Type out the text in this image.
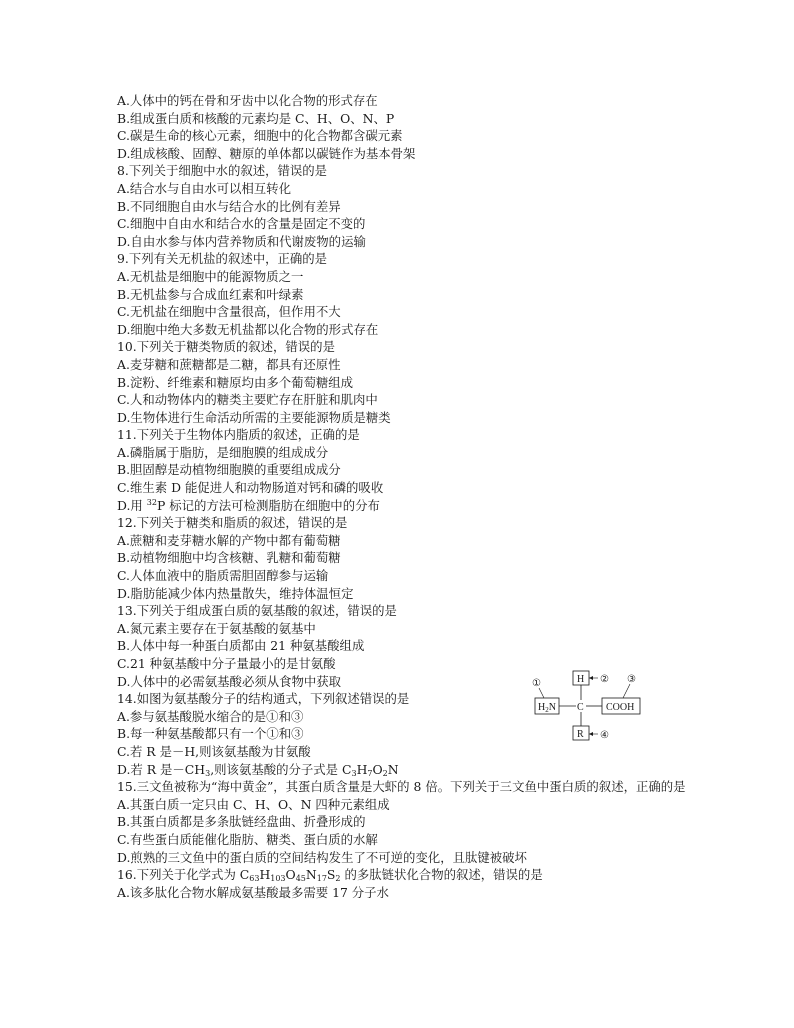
A.人体中的钙在骨和牙齿中以化合物的形式存在
B.组成蛋白质和核酸的元素均是 C、H、O、N、P
C.碳是生命的核心元素，细胞中的化合物都含碳元素
D.组成核酸、固醇、糖原的单体都以碳链作为基本骨架
8.下列关于细胞中水的叙述，错误的是
A.结合水与自由水可以相互转化
B.不同细胞自由水与结合水的比例有差异
C.细胞中自由水和结合水的含量是固定不变的
D.自由水参与体内营养物质和代谢废物的运输
9.下列有关无机盐的叙述中，正确的是
A.无机盐是细胞中的能源物质之一
B.无机盐参与合成血红素和叶绿素
C.无机盐在细胞中含量很高，但作用不大
D.细胞中绝大多数无机盐都以化合物的形式存在
10.下列关于糖类物质的叙述，错误的是
A.麦芽糖和蔗糖都是二糖，都具有还原性
B.淀粉、纤维素和糖原均由多个葡萄糖组成
C.人和动物体内的糖类主要贮存在肝脏和肌肉中
D.生物体进行生命活动所需的主要能源物质是糖类
11.下列关于生物体内脂质的叙述，正确的是
A.磷脂属于脂肪，是细胞膜的组成成分
B.胆固醇是动植物细胞膜的重要组成成分
C.维生素 D 能促进人和动物肠道对钙和磷的吸收
D.用 $^{32}$P 标记的方法可检测脂肪在细胞中的分布
12.下列关于糖类和脂质的叙述，错误的是
A.蔗糖和麦芽糖水解的产物中都有葡萄糖
B.动植物细胞中均含核糖、乳糖和葡萄糖
C.人体血液中的脂质需胆固醇参与运输
D.脂肪能减少体内热量散失，维持体温恒定
13.下列关于组成蛋白质的氨基酸的叙述，错误的是
A.氮元素主要存在于氨基酸的氨基中
B.人体中每一种蛋白质都由 21 种氨基酸组成
C.21 种氨基酸中分子量最小的是甘氨酸
D.人体中的必需氨基酸必须从食物中获取
14.如图为氨基酸分子的结构通式，下列叙述错误的是
A.参与氨基酸脱水缩合的是①和③
B.每一种氨基酸都只有一个①和③
C.若 R 是－H,则该氨基酸为甘氨酸
D.若 R 是$-CH_3$,则该氨基酸的分子式是 $C_3H_7O_2N$
15.三文鱼被称为“海中黄金”，其蛋白质含量是大虾的 8 倍。下列关于三文鱼中蛋白质的叙述，正确的是
A.其蛋白质一定只由 C、H、O、N 四种元素组成
B.其蛋白质都是多条肽链经盘曲、折叠形成的
C.有些蛋白质能催化脂肪、糖类、蛋白质的水解
D.煎熟的三文鱼中的蛋白质的空间结构发生了不可逆的变化，且肽键被破坏
16.下列关于化学式为 $C_{63}H_{103}O_{45}N_{17}S_2$ 的多肽链状化合物的叙述，错误的是
A.该多肽化合物水解成氨基酸最多需要 17 分子水
H
$H_2N$ C COOH
R
①	② ③
④
